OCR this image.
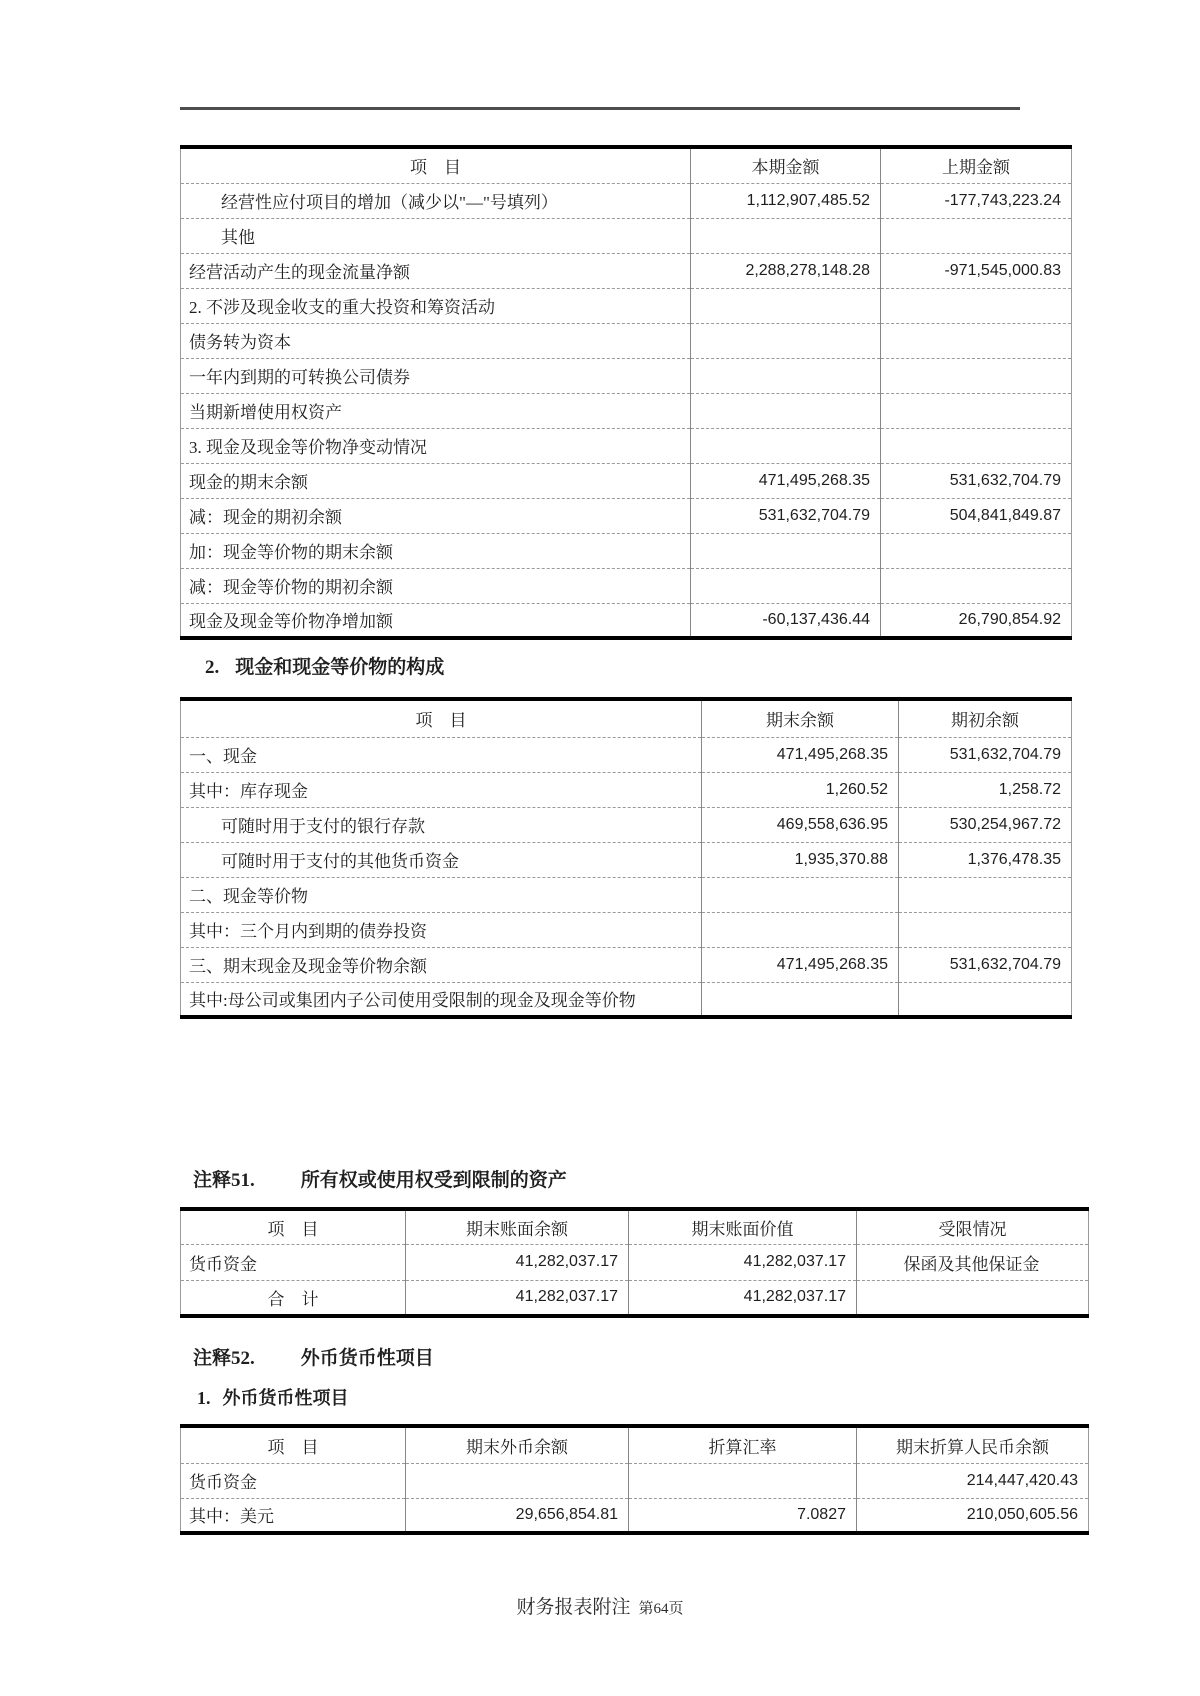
项　目	本期金额	上期金额
经营性应付项目的增加（减少以"—"号填列）	1,112,907,485.52	-177,743,223.24
其他		
经营活动产生的现金流量净额	2,288,278,148.28	-971,545,000.83
2. 不涉及现金收支的重大投资和筹资活动		
债务转为资本		
一年内到期的可转换公司债券		
当期新增使用权资产		
3. 现金及现金等价物净变动情况		
现金的期末余额	471,495,268.35	531,632,704.79
减：现金的期初余额	531,632,704.79	504,841,849.87
加：现金等价物的期末余额		
减：现金等价物的期初余额		
现金及现金等价物净增加额	-60,137,436.44	26,790,854.92
2. 现金和现金等价物的构成
项　目	期末余额	期初余额
一、现金	471,495,268.35	531,632,704.79
其中：库存现金	1,260.52	1,258.72
可随时用于支付的银行存款	469,558,636.95	530,254,967.72
可随时用于支付的其他货币资金	1,935,370.88	1,376,478.35
二、现金等价物		
其中：三个月内到期的债券投资		
三、期末现金及现金等价物余额	471,495,268.35	531,632,704.79
其中:母公司或集团内子公司使用受限制的现金及现金等价物		
注释51. 所有权或使用权受到限制的资产
项　目	期末账面余额	期末账面价值	受限情况
货币资金	41,282,037.17	41,282,037.17	保函及其他保证金
合　计	41,282,037.17	41,282,037.17	
注释52. 外币货币性项目
1. 外币货币性项目
项　目	期末外币余额	折算汇率	期末折算人民币余额
货币资金			214,447,420.43
其中：美元	29,656,854.81	7.0827	210,050,605.56
财务报表附注 第64页
